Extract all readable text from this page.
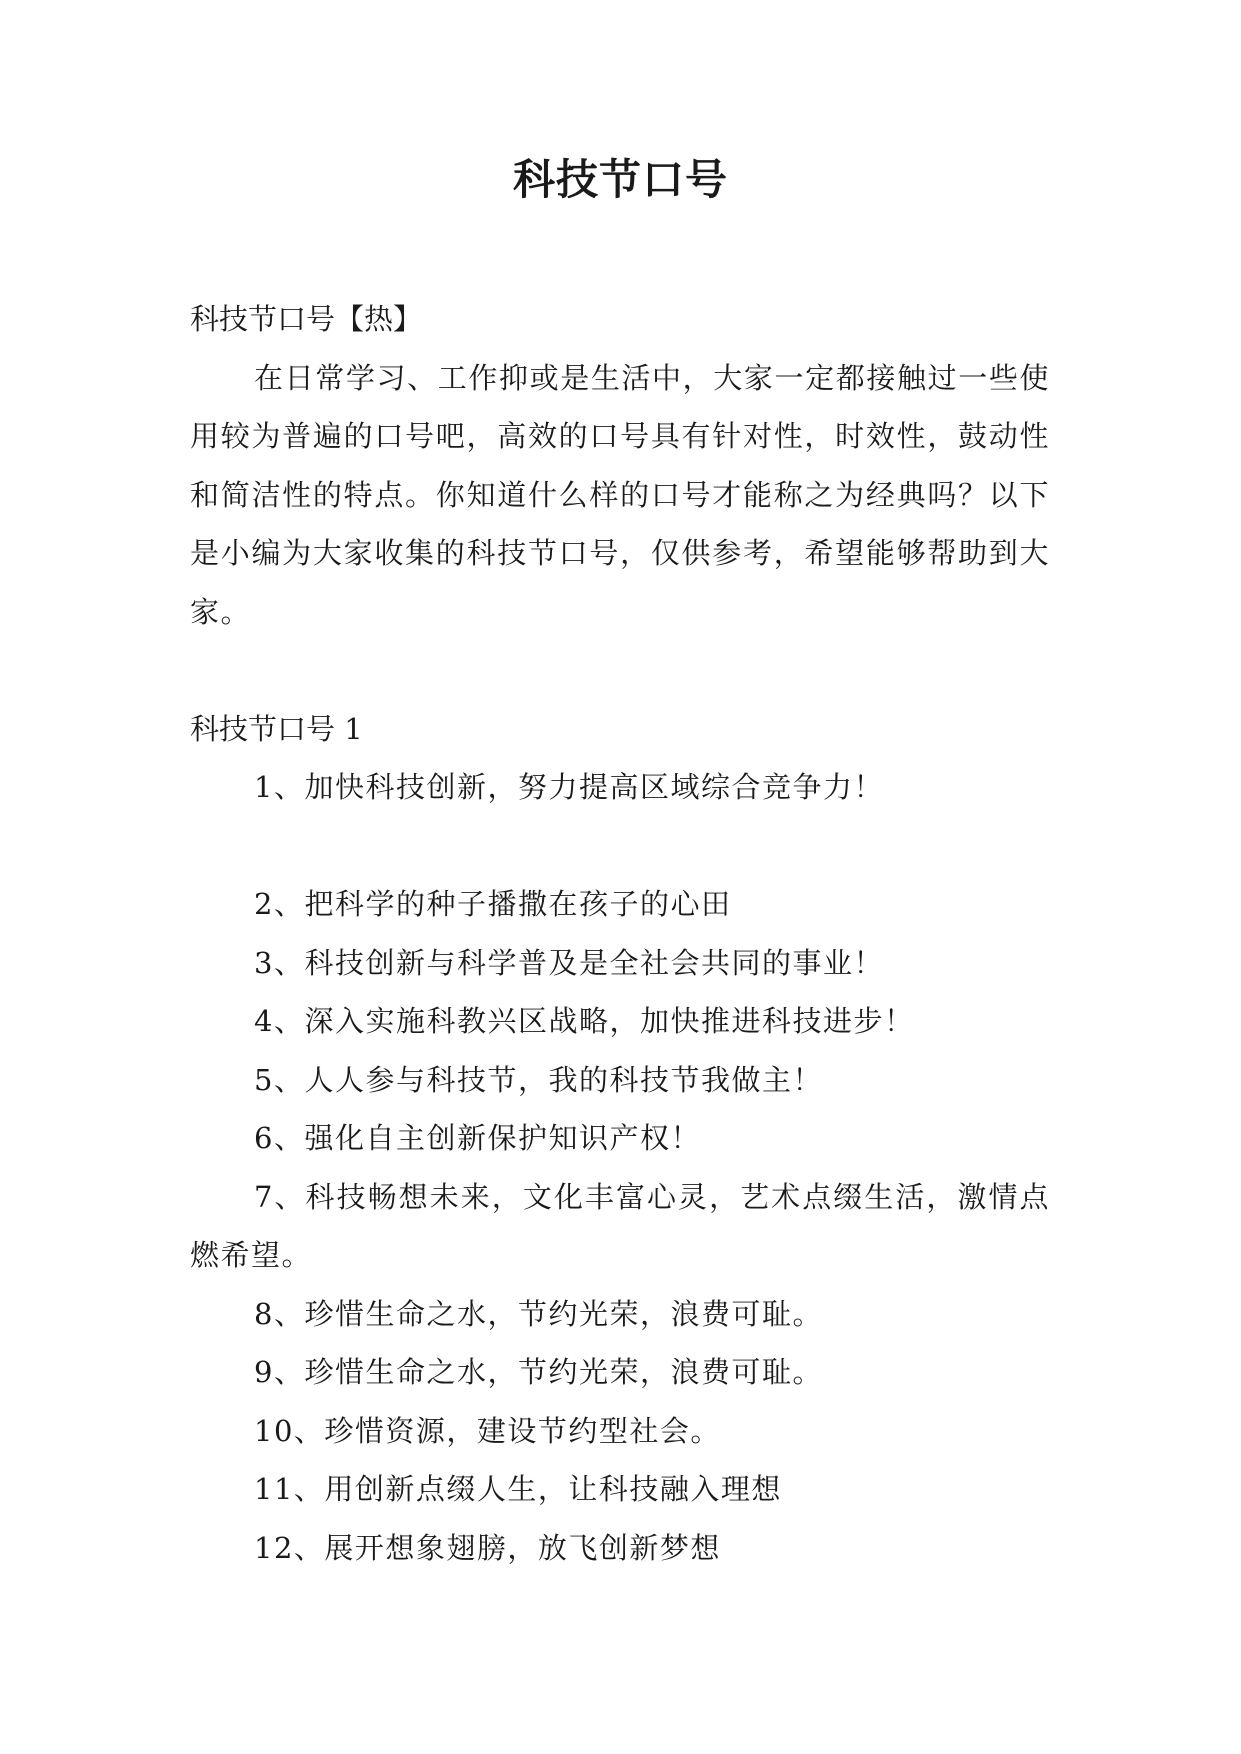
科技节口号
科技节口号【热】
在日常学习、工作抑或是生活中，大家一定都接触过一些使用较为普遍的口号吧，高效的口号具有针对性，时效性，鼓动性和简洁性的特点。你知道什么样的口号才能称之为经典吗？以下是小编为大家收集的科技节口号，仅供参考，希望能够帮助到大家。
科技节口号 1
1、加快科技创新，努力提高区域综合竞争力！
2、把科学的种子播撒在孩子的心田
3、科技创新与科学普及是全社会共同的事业！
4、深入实施科教兴区战略，加快推进科技进步！
5、人人参与科技节，我的科技节我做主！
6、强化自主创新保护知识产权！
7、科技畅想未来，文化丰富心灵，艺术点缀生活，激情点燃希望。
8、珍惜生命之水，节约光荣，浪费可耻。
9、珍惜生命之水，节约光荣，浪费可耻。
10、珍惜资源，建设节约型社会。
11、用创新点缀人生，让科技融入理想
12、展开想象翅膀，放飞创新梦想
